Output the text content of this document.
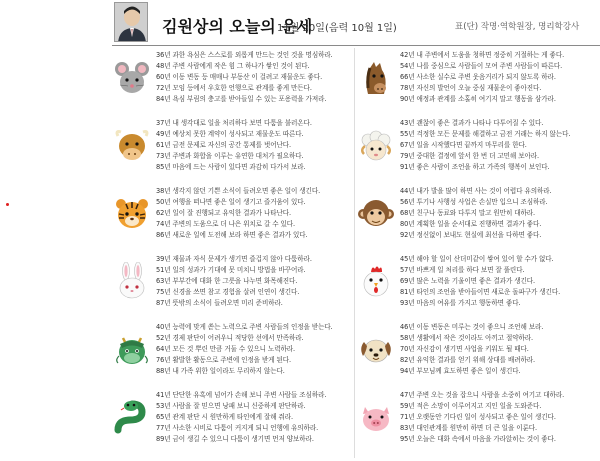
김원상의 오늘의 운세
11월 20일(음력 10월 1일)	표(단) 작명·역학원장, 명리학강사
36년 과한 욕심은 스스로를 외롭게 만드는 것인 것을 명심하라.
48년 주변 사람에게 작은 힘 그 하나가 쌓인 것이 된다.
60년 이동 변동 등 매매나 부동산 이 걸려고 재물운도 좋다.
72년 모임 등에서 우호한 언행으로 관계를 좋게 만든다.
84년 욕심 부림의 충고를 받아들일 수 있는 포용력을 가져라.
42년 내 주변에서 도움을 청하면 정중히 거절하는 게 좋다.
54년 나를 중심으로 사람들이 모여 주변 사람들이 따른다.
66년 사소한 실수로 주변 웃음거리가 되지 않도록 하라.
78년 자신의 발언이 오늘 중심 재물운이 좋아진다.
90년 애정과 관계를 소홀히 여기지 말고 행동을 삼가라.
37년 내 생각대로 일을 처리하다 보면 다툼을 불러온다.
49년 예상치 못한 계약이 성사되고 재물운도 따른다.
61년 금전 문제로 자신의 공간 통제를 벗어난다.
73년 주변과 화합을 이루는 유연한 대처가 필요하다.
85년 마음에 드는 사람이 있다면 과감히 다가서 보라.
43년 괜찮이 좋은 결과가 나타나 다투어질 수 있다.
55년 걱정한 모든 문제를 해결하고 금전 거래는 하지 않는다.
67년 일을 시작했다면 끝까지 마무리를 한다.
79년 중대한 결정에 앞서 한 번 더 고민해 보아라.
91년 좋은 사람이 조언을 하고 가족의 행복이 보인다.
38년 생각지 않던 기쁜 소식이 들려오면 좋은 일이 생긴다.
50년 여행을 떠나면 좋은 일이 생기고 즐거움이 있다.
62년 일이 잘 진행되고 유익한 결과가 나타난다.
74년 주변의 도움으로 더 나은 위치로 갈 수 있다.
86년 새로운 일에 도전해 보라 하면 좋은 결과가 있다.
44년 내가 발을 많이 하면 사는 것이 어렵다 유의하라.
56년 투기나 사행성 사업은 손실만 입으니 조심하라.
68년 친구나 동료와 다투지 말고 원만히 대하라.
80년 계획한 일을 순서대로 진행하면 결과가 좋다.
92년 정신없이 보내도 현실에 최선을 다하면 좋다.
39년 재물과 자식 문제가 생기면 즐겁지 않아 다툼하라.
51년 일의 성과가 기대에 못 미치니 방법을 바꾸어라.
63년 부부간에 대화 한 그릇을 나누면 화목해진다.
75년 신경을 쓰면 참고 경험을 살려 인연이 생긴다.
87년 뜻밖의 소식이 들려오면 미리 준비하라.
45년 해야 할 일이 산더미같이 쌓여 있어 할 수가 없다.
57년 바쁘게 일 처리를 하다 보면 잘 풀린다.
69년 많은 노력을 기울이면 좋은 결과가 생긴다.
81년 타인의 조언을 받아들이면 새로운 돌파구가 생긴다.
93년 마음의 여유를 가지고 행동하면 좋다.
40년 능력에 맞게 쏟는 노력으로 주변 사람들의 인정을 받는다.
52년 경제 판단이 어려우니 적당한 선에서 만족하라.
64년 모든 것 뿌린 만큼 거둘 수 있으니 노력하라.
76년 활발한 활동으로 주변에 인정을 받게 된다.
88년 내 가족 위한 일이라도 무리하지 않는다.
46년 이동 변동은 미루는 것이 좋으니 조언해 보라.
58년 생활에서 작은 것이라도 아끼고 절약하라.
70년 자신감이 생기면 사업을 키워도 될 때다.
82년 유익한 결과를 얻기 위해 상대를 배려하라.
94년 부모님께 효도하면 좋은 일이 생긴다.
41년 단단한 유혹에 넘어가 손해 보니 주변 사람들 조심하라.
53년 사람을 잘 믿으면 낭패 보니 신중하게 판단하라.
65년 관계 판단 시 원만하게 타인에게 잘해 줘라.
77년 사소한 시비로 다툼이 커지게 되니 언행에 유의하라.
89년 금이 생길 수 있으니 다툼이 생기면 먼저 양보하라.
47년 주변 오는 것을 잡으니 사람을 소중히 여기고 대하라.
59년 적은 소망이 이루어지고 지인 일을 도와준다.
71년 오랫동안 기다린 일이 성사되고 좋은 일이 생긴다.
83년 대인관계를 원만히 하면 더 큰 일을 이룬다.
95년 오늘은 대화 속에서 마음을 가라앉히는 것이 좋다.
